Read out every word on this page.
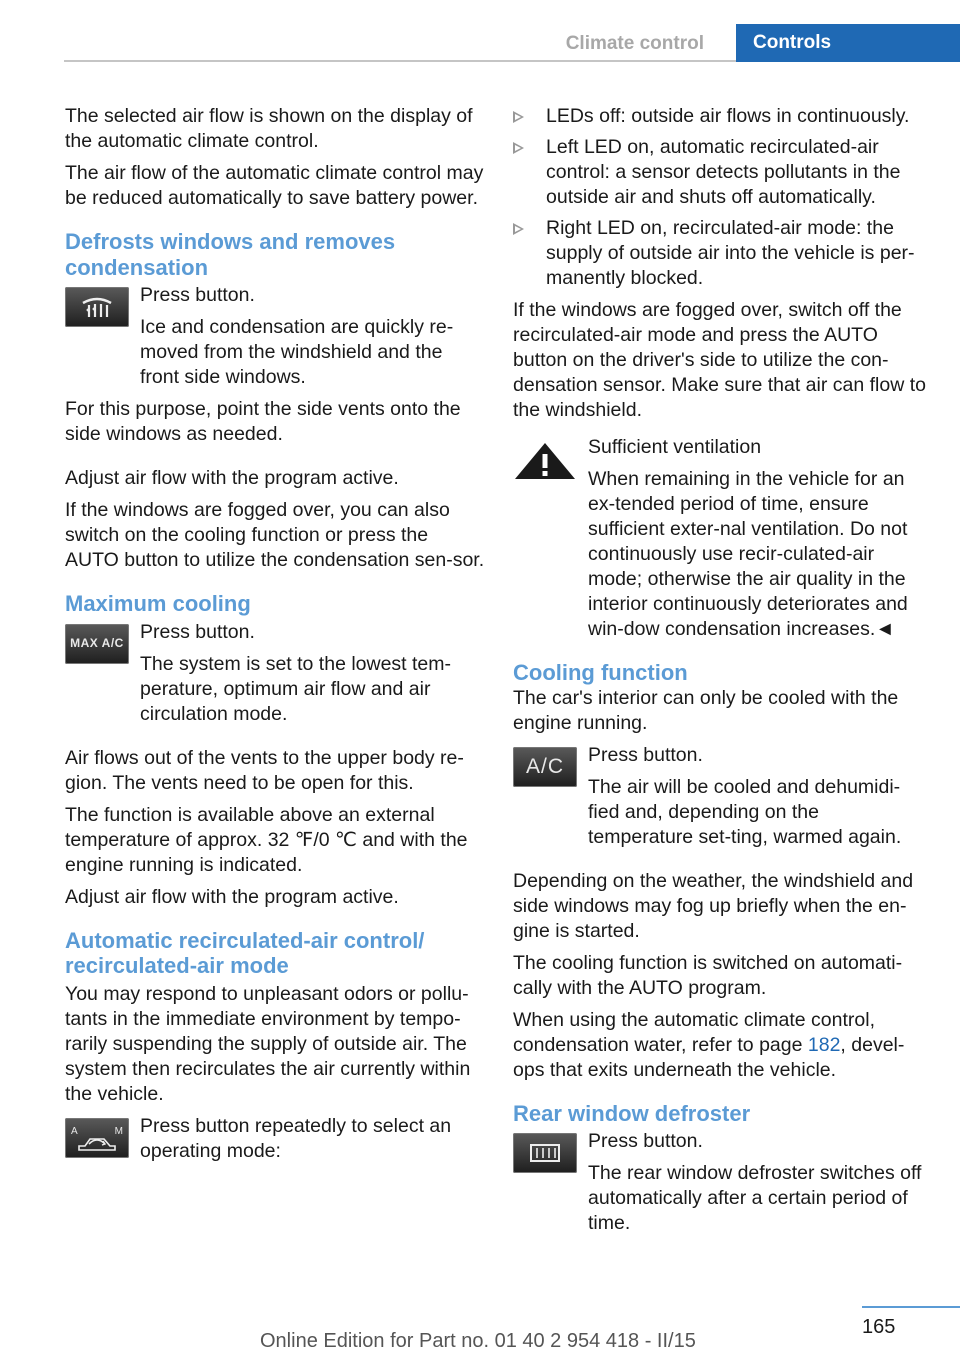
Climate control	Controls

The selected air flow is shown on the display of the automatic climate control.

The air flow of the automatic climate control may be reduced automatically to save battery power.

Defrosts windows and removes condensation

Press button.

Ice and condensation are quickly re-moved from the windshield and the front side windows.

For this purpose, point the side vents onto the side windows as needed.

Adjust air flow with the program active.

If the windows are fogged over, you can also switch on the cooling function or press the AUTO button to utilize the condensation sen-sor.

Maximum cooling
MAX A/C

Press button.

The system is set to the lowest tem-perature, optimum air flow and air circulation mode.

Air flows out of the vents to the upper body re-gion. The vents need to be open for this.

The function is available above an external temperature of approx. 32 ℉/0 ℃ and with the engine running is indicated.

Adjust air flow with the program active.

Automatic recirculated-air control/ recirculated-air mode

You may respond to unpleasant odors or pollu-tants in the immediate environment by tempo-rarily suspending the supply of outside air. The system then recirculates the air currently within the vehicle.

A	M Press button repeatedly to select an operating mode:

LEDs off: outside air flows in continuously.
Left LED on, automatic recirculated-air control: a sensor detects pollutants in the outside air and shuts off automatically.
Right LED on, recirculated-air mode: the supply of outside air into the vehicle is per-manently blocked.

If the windows are fogged over, switch off the recirculated-air mode and press the AUTO button on the driver's side to utilize the con-densation sensor. Make sure that air can flow to the windshield.

Sufficient ventilation

When remaining in the vehicle for an ex-tended period of time, ensure sufficient exter-nal ventilation. Do not continuously use recir-culated-air mode; otherwise the air quality in the interior continuously deteriorates and win-dow condensation increases.◄

Cooling function

The car's interior can only be cooled with the engine running.

A/C

Press button.

The air will be cooled and dehumidi-fied and, depending on the temperature set-ting, warmed again.

Depending on the weather, the windshield and side windows may fog up briefly when the en-gine is started.

The cooling function is switched on automati-cally with the AUTO program.

When using the automatic climate control, condensation water, refer to page 182, devel-ops that exits underneath the vehicle.

Rear window defroster

Press button.

The rear window defroster switches off automatically after a certain period of time.

165
Online Edition for Part no. 01 40 2 954 418 - II/15
